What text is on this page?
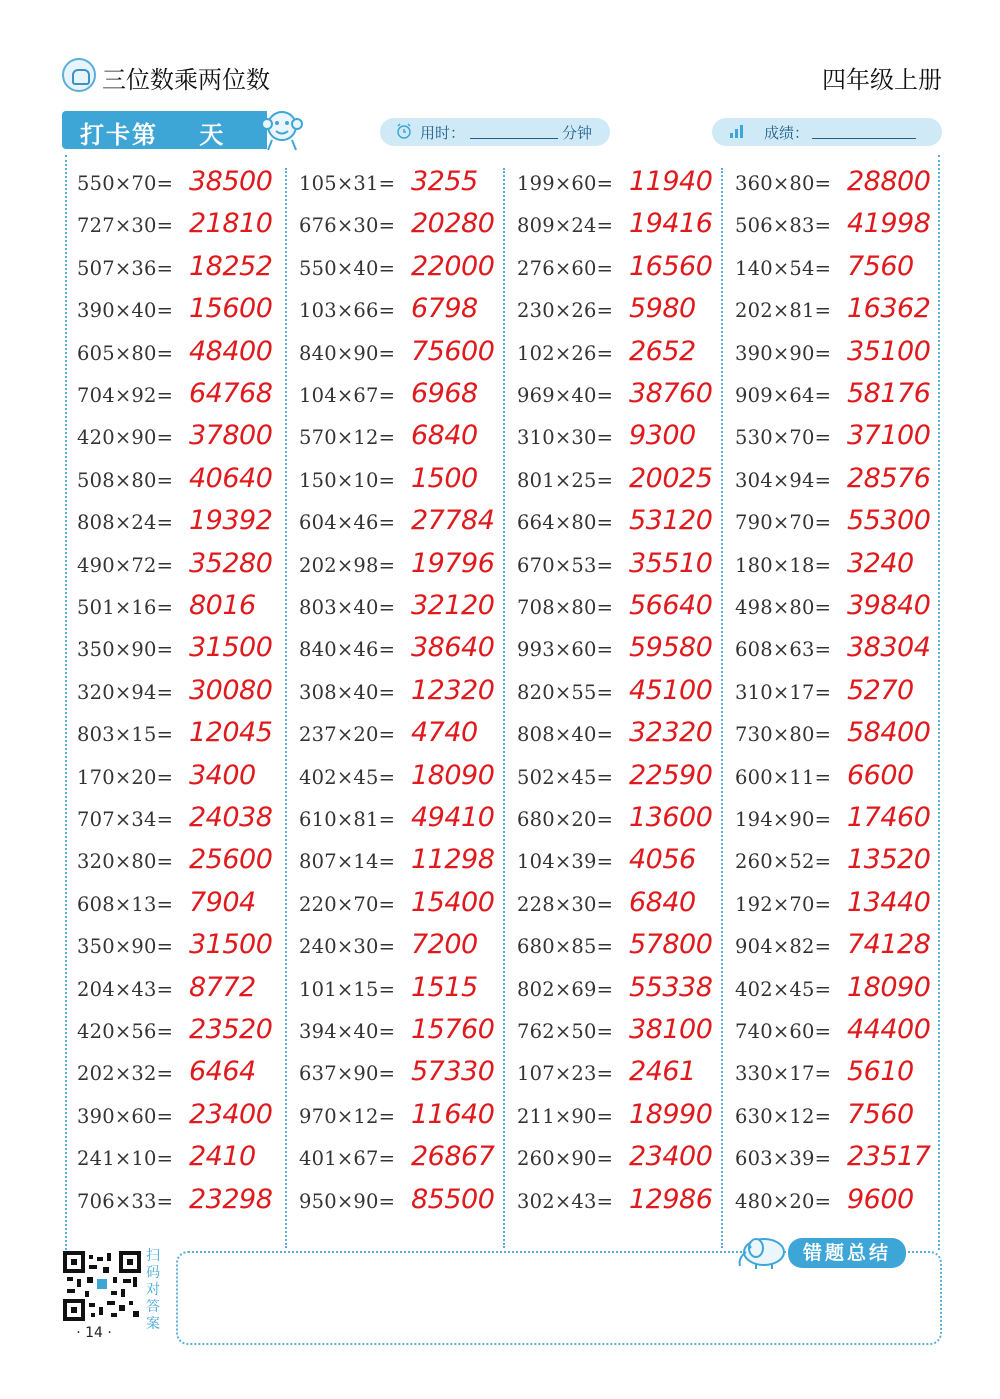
三位数乘两位数	四年级上册
打卡第    天	用时：	分钟	成绩：
550×70= 38500
727×30= 21810
507×36= 18252
390×40= 15600
605×80= 48400
704×92= 64768
420×90= 37800
508×80= 40640
808×24= 19392
490×72= 35280
501×16= 8016
350×90= 31500
320×94= 30080
803×15= 12045
170×20= 3400
707×34= 24038
320×80= 25600
608×13= 7904
350×90= 31500
204×43= 8772
420×56= 23520
202×32= 6464
390×60= 23400
241×10= 2410
706×33= 23298
105×31= 3255
676×30= 20280
550×40= 22000
103×66= 6798
840×90= 75600
104×67= 6968
570×12= 6840
150×10= 1500
604×46= 27784
202×98= 19796
803×40= 32120
840×46= 38640
308×40= 12320
237×20= 4740
402×45= 18090
610×81= 49410
807×14= 11298
220×70= 15400
240×30= 7200
101×15= 1515
394×40= 15760
637×90= 57330
970×12= 11640
401×67= 26867
950×90= 85500
199×60= 11940
809×24= 19416
276×60= 16560
230×26= 5980
102×26= 2652
969×40= 38760
310×30= 9300
801×25= 20025
664×80= 53120
670×53= 35510
708×80= 56640
993×60= 59580
820×55= 45100
808×40= 32320
502×45= 22590
680×20= 13600
104×39= 4056
228×30= 6840
680×85= 57800
802×69= 55338
762×50= 38100
107×23= 2461
211×90= 18990
260×90= 23400
302×43= 12986
360×80= 28800
506×83= 41998
140×54= 7560
202×81= 16362
390×90= 35100
909×64= 58176
530×70= 37100
304×94= 28576
790×70= 55300
180×18= 3240
498×80= 39840
608×63= 38304
310×17= 5270
730×80= 58400
600×11= 6600
194×90= 17460
260×52= 13520
192×70= 13440
904×82= 74128
402×45= 18090
740×60= 44400
330×17= 5610
630×12= 7560
603×39= 23517
480×20= 9600
扫码对答案
· 14 ·
错题总结
